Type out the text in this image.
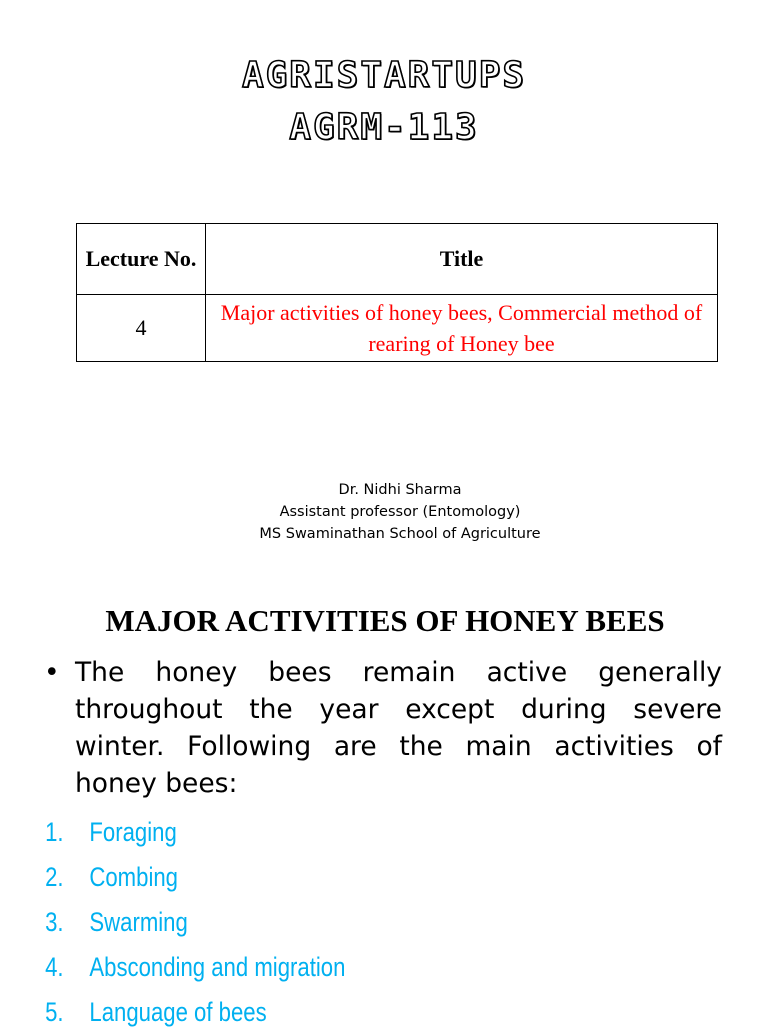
AGRISTARTUPS
AGRM-113
Lecture No.	Title
4	Major activities of honey bees, Commercial method of rearing of Honey bee
Dr. Nidhi Sharma
Assistant professor (Entomology)
MS Swaminathan School of Agriculture
MAJOR ACTIVITIES OF HONEY BEES
• The honey bees remain active generally throughout the year except during severe winter. Following are the main activities of honey bees:
1. Foraging
2. Combing
3. Swarming
4. Absconding and migration
5. Language of bees
